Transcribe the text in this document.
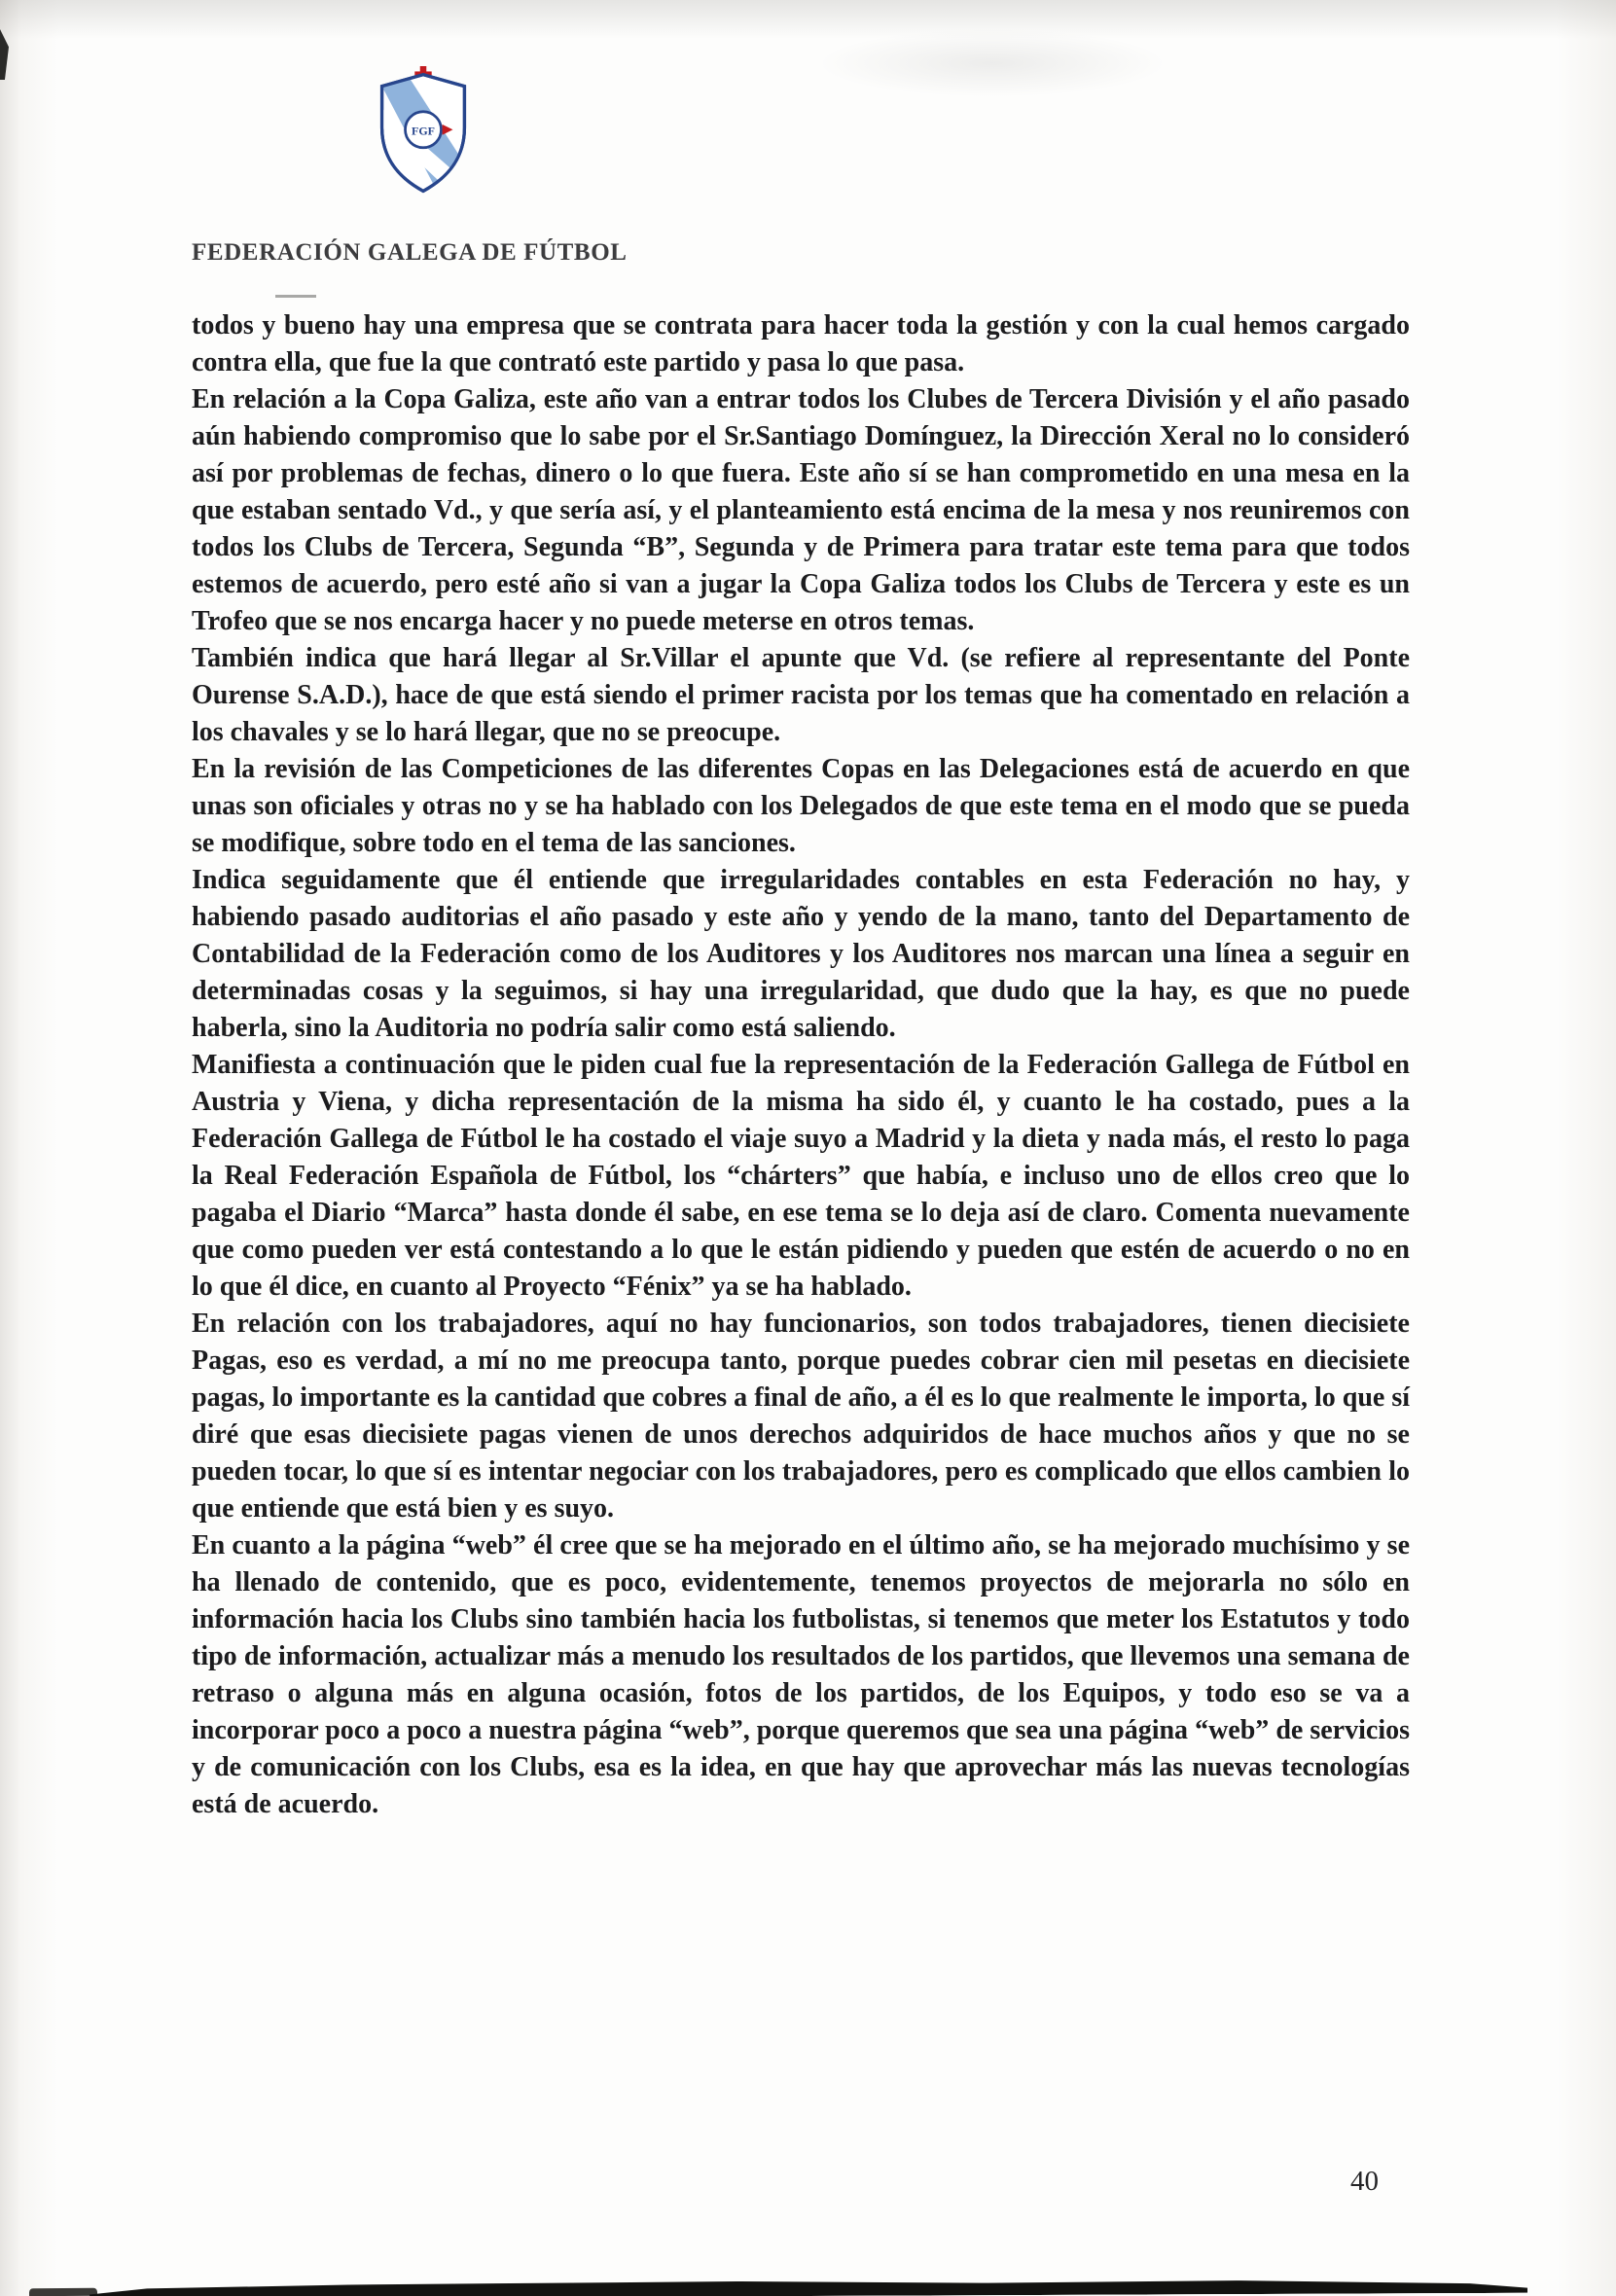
FGF
FEDERACIÓN GALEGA DE FÚTBOL

todos y bueno hay una empresa que se contrata para hacer toda la gestión y con la cual hemos cargado contra ella, que fue la que contrató este partido y pasa lo que pasa.

En relación a la Copa Galiza, este año van a entrar todos los Clubes de Tercera División y el año pasado aún habiendo compromiso que lo sabe por el Sr.Santiago Domínguez, la Dirección Xeral no lo consideró así por problemas de fechas, dinero o lo que fuera. Este año sí se han comprometido en una mesa en la que estaban sentado Vd., y que sería así, y el planteamiento está encima de la mesa y nos reuniremos con todos los Clubs de Tercera, Segunda “B”, Segunda y de Primera para tratar este tema para que todos estemos de acuerdo, pero esté año si van a jugar la Copa Galiza todos los Clubs de Tercera y este es un Trofeo que se nos encarga hacer y no puede meterse en otros temas.

También indica que hará llegar al Sr.Villar el apunte que Vd. (se refiere al representante del Ponte Ourense S.A.D.), hace de que está siendo el primer racista por los temas que ha comentado en relación a los chavales y se lo hará llegar, que no se preocupe.

En la revisión de las Competiciones de las diferentes Copas en las Delegaciones está de acuerdo en que unas son oficiales y otras no y se ha hablado con los Delegados de que este tema en el modo que se pueda se modifique, sobre todo en el tema de las sanciones.

Indica seguidamente que él entiende que irregularidades contables en esta Federación no hay, y habiendo pasado auditorias el año pasado y este año y yendo de la mano, tanto del Departamento de Contabilidad de la Federación como de los Auditores y los Auditores nos marcan una línea a seguir en determinadas cosas y la seguimos, si hay una irregularidad, que dudo que la hay, es que no puede haberla, sino la Auditoria no podría salir como está saliendo.

Manifiesta a continuación que le piden cual fue la representación de la Federación Gallega de Fútbol en Austria y Viena, y dicha representación de la misma ha sido él, y cuanto le ha costado, pues a la Federación Gallega de Fútbol le ha costado el viaje suyo a Madrid y la dieta y nada más, el resto lo paga la Real Federación Española de Fútbol, los “chárters” que había, e incluso uno de ellos creo que lo pagaba el Diario “Marca” hasta donde él sabe, en ese tema se lo deja así de claro. Comenta nuevamente que como pueden ver está contestando a lo que le están pidiendo y pueden que estén de acuerdo o no en lo que él dice, en cuanto al Proyecto “Fénix” ya se ha hablado.

En relación con los trabajadores, aquí no hay funcionarios, son todos trabajadores, tienen diecisiete Pagas, eso es verdad, a mí no me preocupa tanto, porque puedes cobrar cien mil pesetas en diecisiete pagas, lo importante es la cantidad que cobres a final de año, a él es lo que realmente le importa, lo que sí diré que esas diecisiete pagas vienen de unos derechos adquiridos de hace muchos años y que no se pueden tocar, lo que sí es intentar negociar con los trabajadores, pero es complicado que ellos cambien lo que entiende que está bien y es suyo.

En cuanto a la página “web” él cree que se ha mejorado en el último año, se ha mejorado muchísimo y se ha llenado de contenido, que es poco, evidentemente, tenemos proyectos de mejorarla no sólo en información hacia los Clubs sino también hacia los futbolistas, si tenemos que meter los Estatutos y todo tipo de información, actualizar más a menudo los resultados de los partidos, que llevemos una semana de retraso o alguna más en alguna ocasión, fotos de los partidos, de los Equipos, y todo eso se va a incorporar poco a poco a nuestra página “web”, porque queremos que sea una página “web” de servicios y de comunicación con los Clubs, esa es la idea, en que hay que aprovechar más las nuevas tecnologías está de acuerdo.

40
